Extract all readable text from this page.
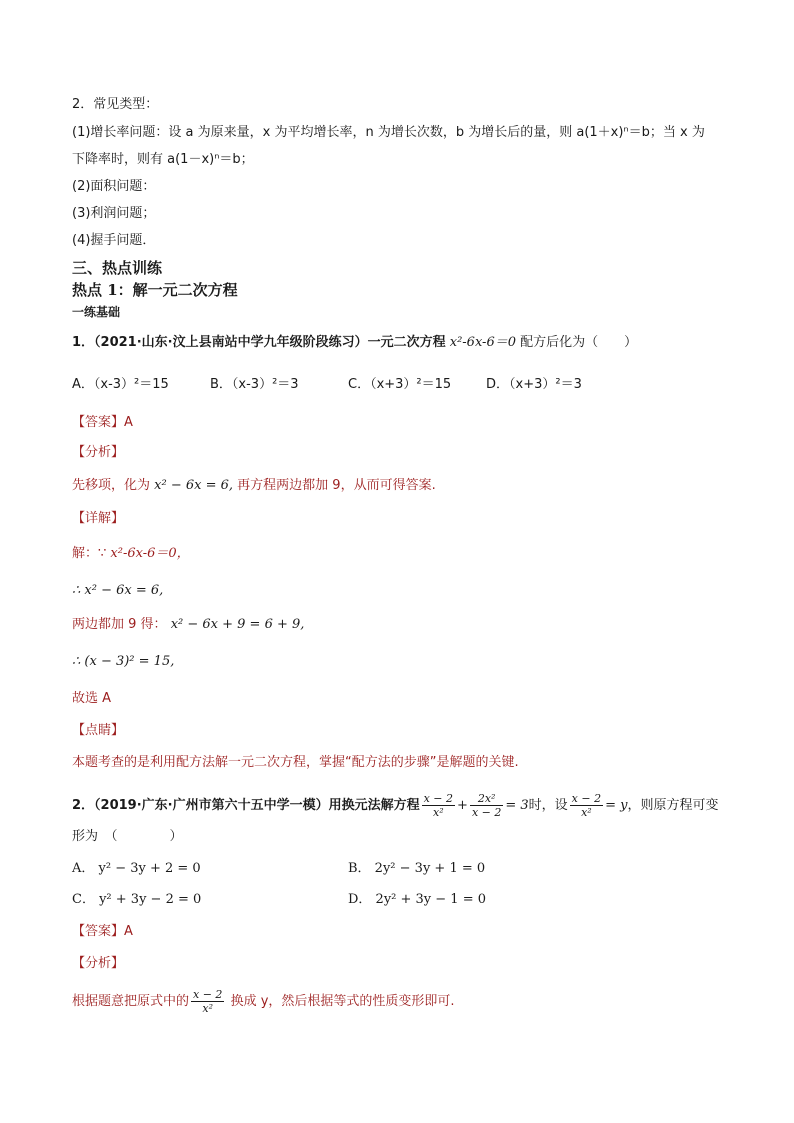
2．常见类型：
(1)增长率问题：设 a 为原来量，x 为平均增长率，n 为增长次数，b 为增长后的量，则 a(1＋x)ⁿ＝b；当 x 为
下降率时，则有 a(1－x)ⁿ＝b；
(2)面积问题：
(3)利润问题；
(4)握手问题．
三、热点训练
热点 1：解一元二次方程
一练基础
1．（2021·山东·汶上县南站中学九年级阶段练习）一元二次方程 x²-6x-6＝0 配方后化为（　　）
A．（x-3）²＝15	B．（x-3）²＝3	C．（x+3）²＝15	D．（x+3）²＝3
【答案】A
【分析】
先移项，化为 x² − 6x = 6, 再方程两边都加 9，从而可得答案.
【详解】
解：∵ x²-6x-6＝0，
∴ x² − 6x = 6,
两边都加 9 得： x² − 6x + 9 = 6 + 9,
∴ (x − 3)² = 15,
故选 A
【点睛】
本题考查的是利用配方法解一元二次方程，掌握“配方法的步骤”是解题的关键.
2．（2019·广东·广州市第六十五中学一模）用换元法解方程 $\frac{x - 2}{\text{x²}} + \frac{\text{2x²}}{x - 2} = 3$时，设 $\frac{x - 2}{\text{x²}} = y$，则原方程可变
形为　（　　　　）
A． y² − 3y + 2 = 0	B． 2y² − 3y + 1 = 0
C． y² + 3y − 2 = 0	D． 2y² + 3y − 1 = 0
【答案】A
【分析】
根据题意把原式中的 $\frac{x - 2}{\text{x²}}$ 换成 y，然后根据等式的性质变形即可.
